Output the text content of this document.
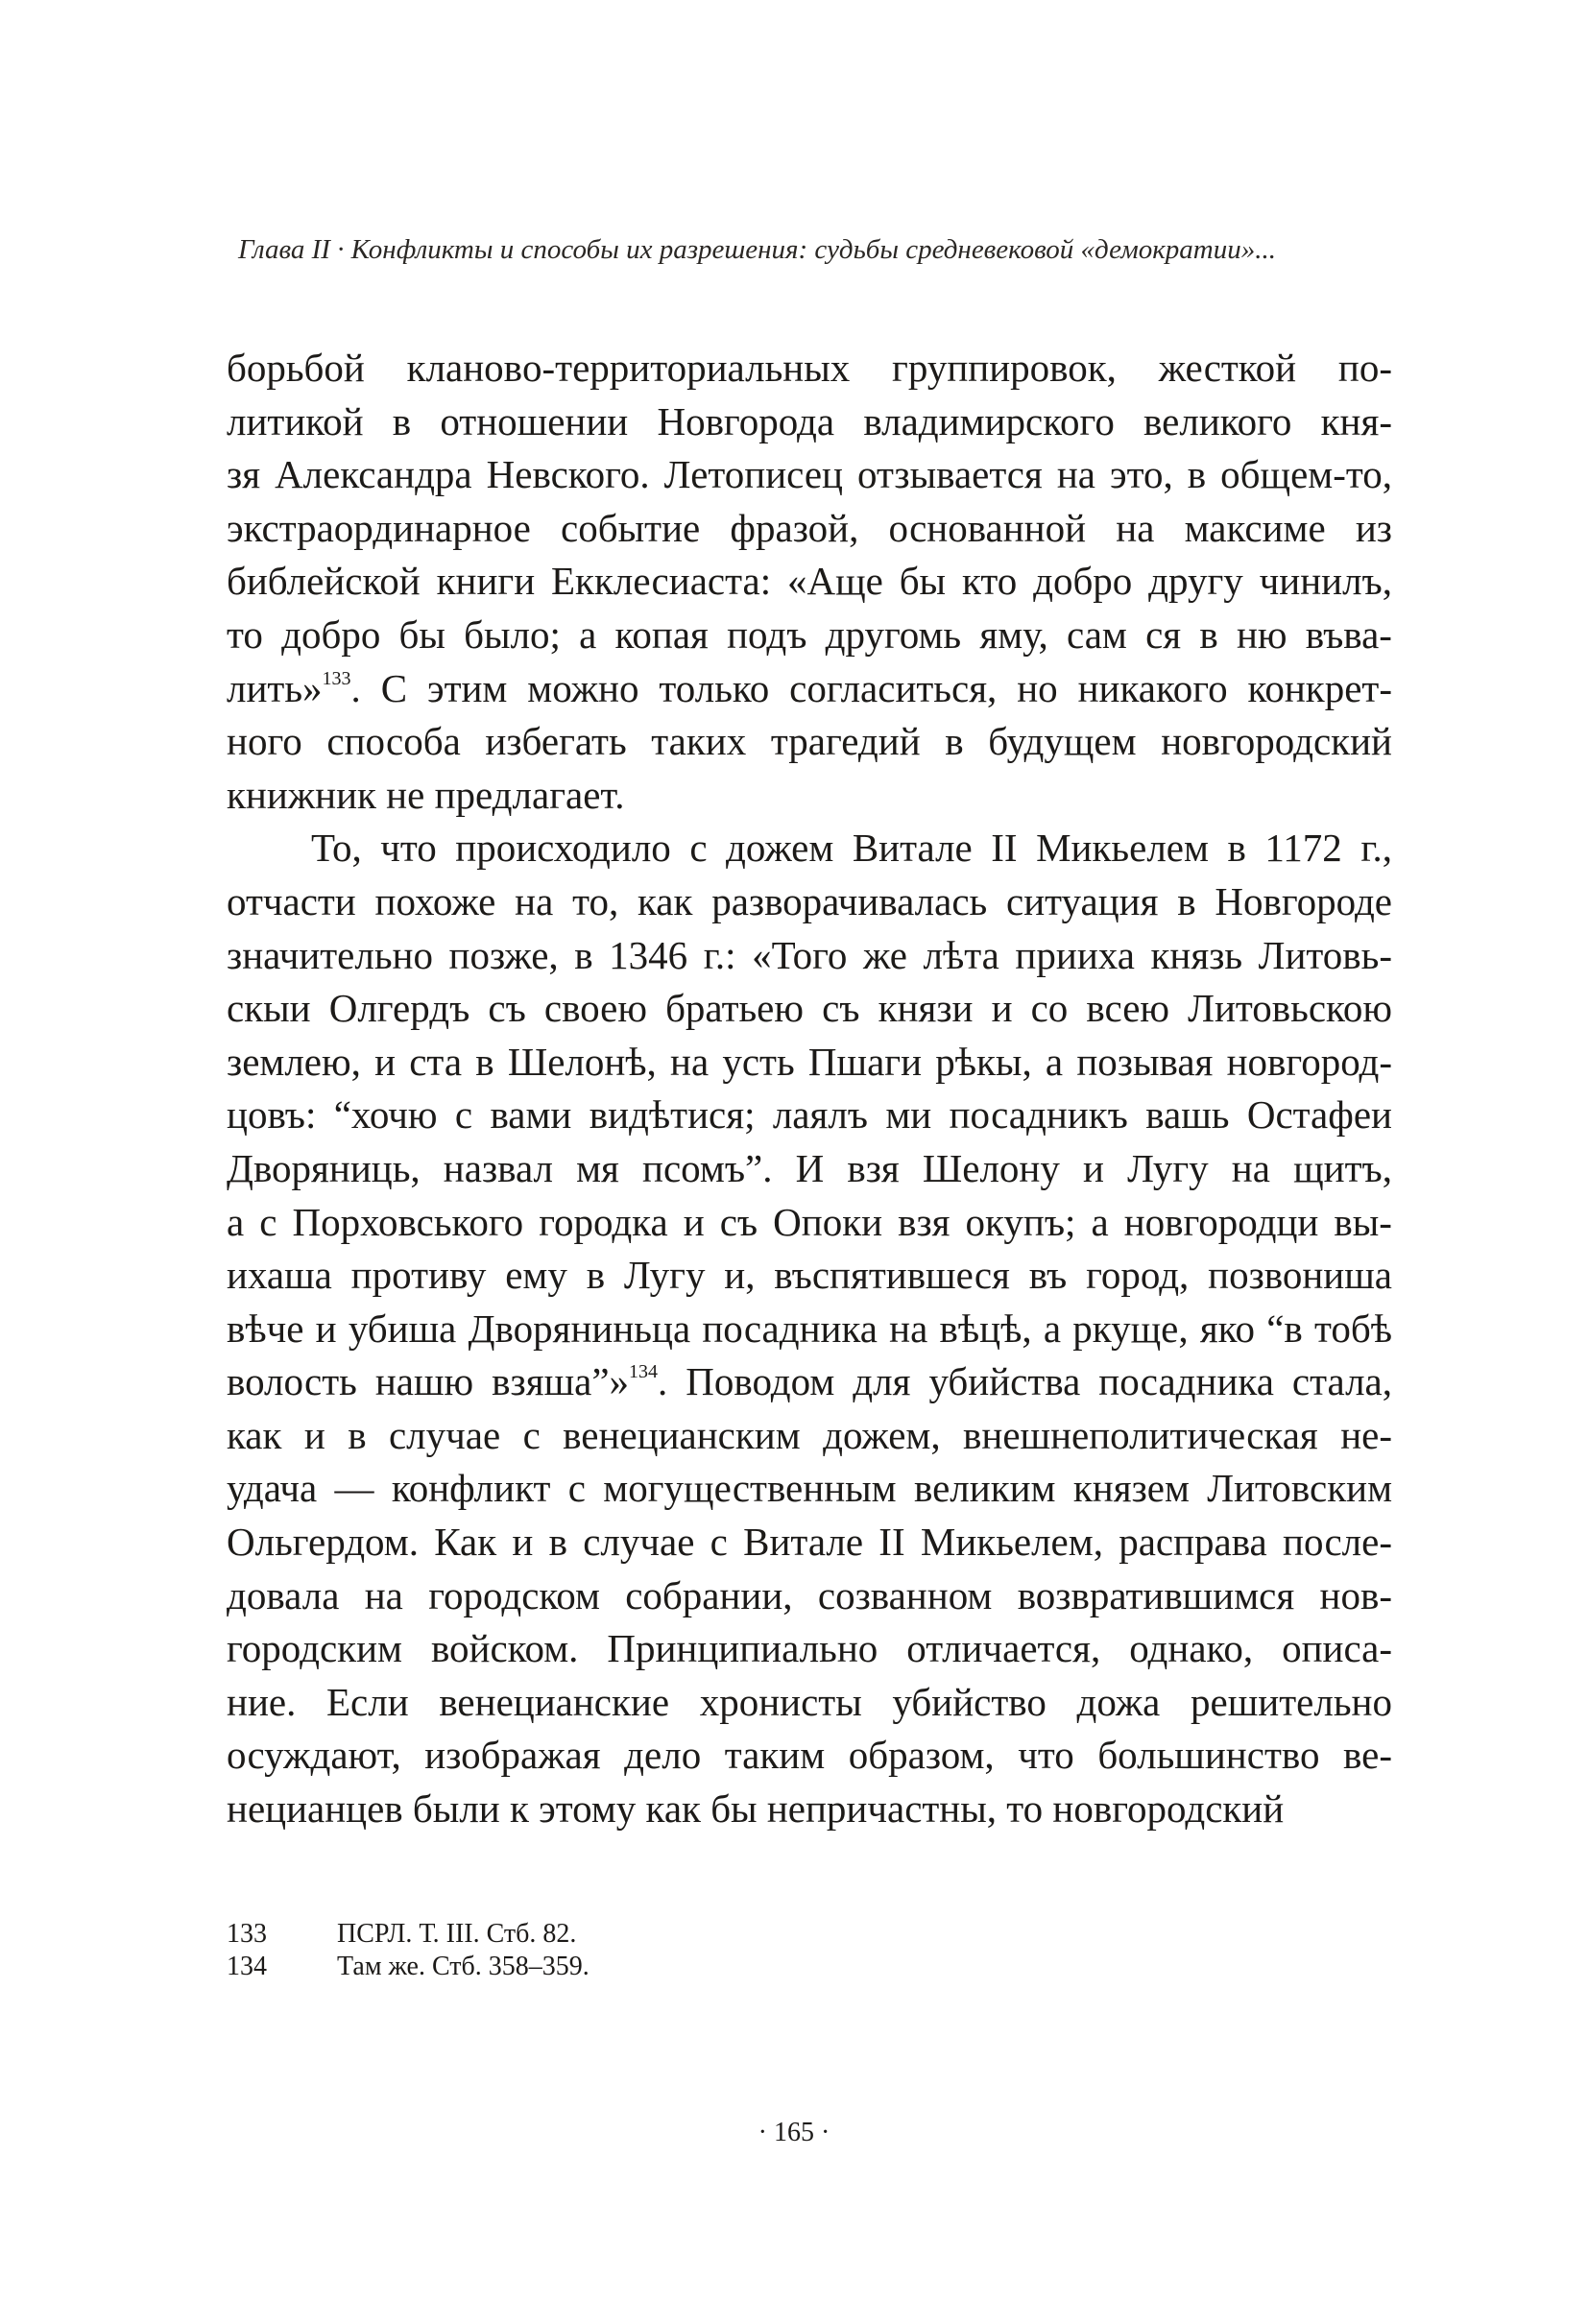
Глава II · Конфликты и способы их разрешения: судьбы средневековой «демократии»...
борьбой клановo-территориальных группировок, жесткой по-
литикой в отношении Новгорода владимирского великого кня-
зя Александра Невского. Летописец отзывается на это, в общем-то,
экстраординарное событие фразой, основанной на максиме из
библейской книги Екклесиаста: «Аще бы кто добро другу чинилъ,
то добро бы было; а копая подъ другомь яму, сам ся в ню въва-
лить»$^{133}$. С этим можно только согласиться, но никакого конкрет-
ного способа избегать таких трагедий в будущем новгородский
книжник не предлагает.
То, что происходило с дожем Витале II Микьелем в 1172 г.,
отчасти похоже на то, как разворачивалась ситуация в Новгороде
значительно позже, в 1346 г.: «Того же лѣта прииха князь Литовь-
скыи Олгердъ съ своею братьею съ князи и со всею Литовьскою
землею, и ста в Шелонѣ, на усть Пшаги рѣкы, а позывая новгород-
цовъ: “хочю с вами видѣтися; лаялъ ми посадникъ вашь Остафеи
Дворяниць, назвал мя псомъ”. И взя Шелону и Лугу на щитъ,
а с Порховського городка и съ Опоки взя окупъ; а новгородци вы-
ихаша противу ему в Лугу и, въспятившеся въ город, позвониша
вѣче и убиша Дворяниньца посадника на вѣцѣ, а ркуще, яко “в тобѣ
волость нашю взяша”»$^{134}$. Поводом для убийства посадника стала,
как и в случае с венецианским дожем, внешнеполитическая не-
удача — конфликт с могущественным великим князем Литовским
Ольгердом. Как и в случае с Витале II Микьелем, расправа после-
довала на городском собрании, созванном возвратившимся нов-
городским войском. Принципиально отличается, однако, описа-
ние. Если венецианские хронисты убийство дожа решительно
осуждают, изображая дело таким образом, что большинство ве-
нецианцев были к этому как бы непричастны, то новгородский
133	ПСРЛ. Т. III. Стб. 82.
134	Там же. Стб. 358–359.
· 165 ·
